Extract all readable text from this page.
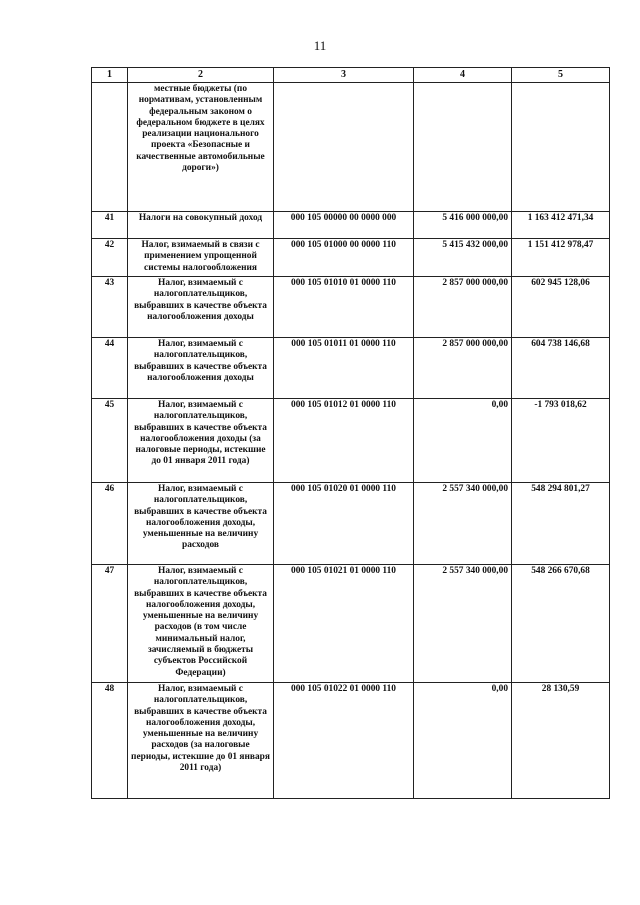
11
1	2	3	4	5
	местные бюджеты (по нормативам, установленным федеральным законом о федеральном бюджете в целях реализации национального проекта «Безопасные и качественные автомобильные дороги»)			
41	Налоги на совокупный доход	000 105 00000 00 0000 000	5 416 000 000,00	1 163 412 471,34
42	Налог, взимаемый в связи с применением упрощенной системы налогообложения	000 105 01000 00 0000 110	5 415 432 000,00	1 151 412 978,47
43	Налог, взимаемый с налогоплательщиков, выбравших в качестве объекта налогообложения доходы	000 105 01010 01 0000 110	2 857 000 000,00	602 945 128,06
44	Налог, взимаемый с налогоплательщиков, выбравших в качестве объекта налогообложения доходы	000 105 01011 01 0000 110	2 857 000 000,00	604 738 146,68
45	Налог, взимаемый с налогоплательщиков, выбравших в качестве объекта налогообложения доходы (за налоговые периоды, истекшие до 01 января 2011 года)	000 105 01012 01 0000 110	0,00	-1 793 018,62
46	Налог, взимаемый с налогоплательщиков, выбравших в качестве объекта налогообложения доходы, уменьшенные на величину расходов	000 105 01020 01 0000 110	2 557 340 000,00	548 294 801,27
47	Налог, взимаемый с налогоплательщиков, выбравших в качестве объекта налогообложения доходы, уменьшенные на величину расходов (в том числе минимальный налог, зачисляемый в бюджеты субъектов Российской Федерации)	000 105 01021 01 0000 110	2 557 340 000,00	548 266 670,68
48	Налог, взимаемый с налогоплательщиков, выбравших в качестве объекта налогообложения доходы, уменьшенные на величину расходов (за налоговые периоды, истекшие до 01 января 2011 года)	000 105 01022 01 0000 110	0,00	28 130,59
